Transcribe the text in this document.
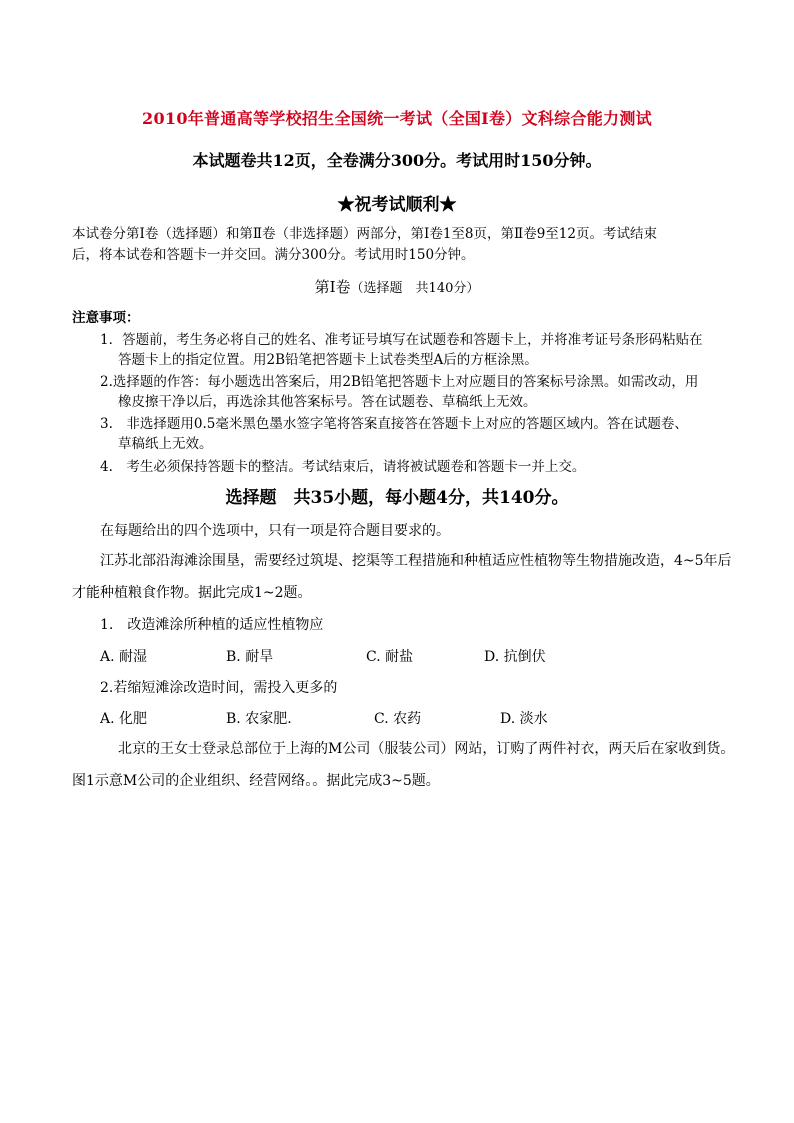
2010年普通高等学校招生全国统一考试（全国Ⅰ卷）文科综合能力测试
本试题卷共12页，全卷满分300分。考试用时150分钟。
★祝考试顺利★
本试卷分第Ⅰ卷（选择题）和第Ⅱ卷（非选择题）两部分，第Ⅰ卷1至8页，第Ⅱ卷9至12页。考试结束
后，将本试卷和答题卡一并交回。满分300分。考试用时150分钟。
第Ⅰ卷（选择题　共140分）
注意事项：
1．答题前，考生务必将自己的姓名、准考证号填写在试题卷和答题卡上，并将准考证号条形码粘贴在
答题卡上的指定位置。用2B铅笔把答题卡上试卷类型A后的方框涂黑。
2.选择题的作答：每小题选出答案后，用2B铅笔把答题卡上对应题目的答案标号涂黑。如需改动，用
橡皮擦干净以后，再选涂其他答案标号。答在试题卷、草稿纸上无效。
3.　非选择题用0.5毫米黑色墨水签字笔将答案直接答在答题卡上对应的答题区域内。答在试题卷、
草稿纸上无效。
4.　考生必须保持答题卡的整洁。考试结束后，请将被试题卷和答题卡一并上交。
选择题　共35小题，每小题4分，共140分。
在每题给出的四个选项中，只有一项是符合题目要求的。
江苏北部沿海滩涂围垦，需要经过筑堤、挖渠等工程措施和种植适应性植物等生物措施改造，4~5年后
才能种植粮食作物。据此完成1~2题。
1.　改造滩涂所种植的适应性植物应
A. 耐湿	B. 耐旱	C. 耐盐	D. 抗倒伏
2.若缩短滩涂改造时间，需投入更多的
A. 化肥	B. 农家肥.	C. 农药	D. 淡水
北京的王女士登录总部位于上海的M公司（服装公司）网站，订购了两件衬衣，两天后在家收到货。
图1示意M公司的企业组织、经营网络。。据此完成3~5题。
